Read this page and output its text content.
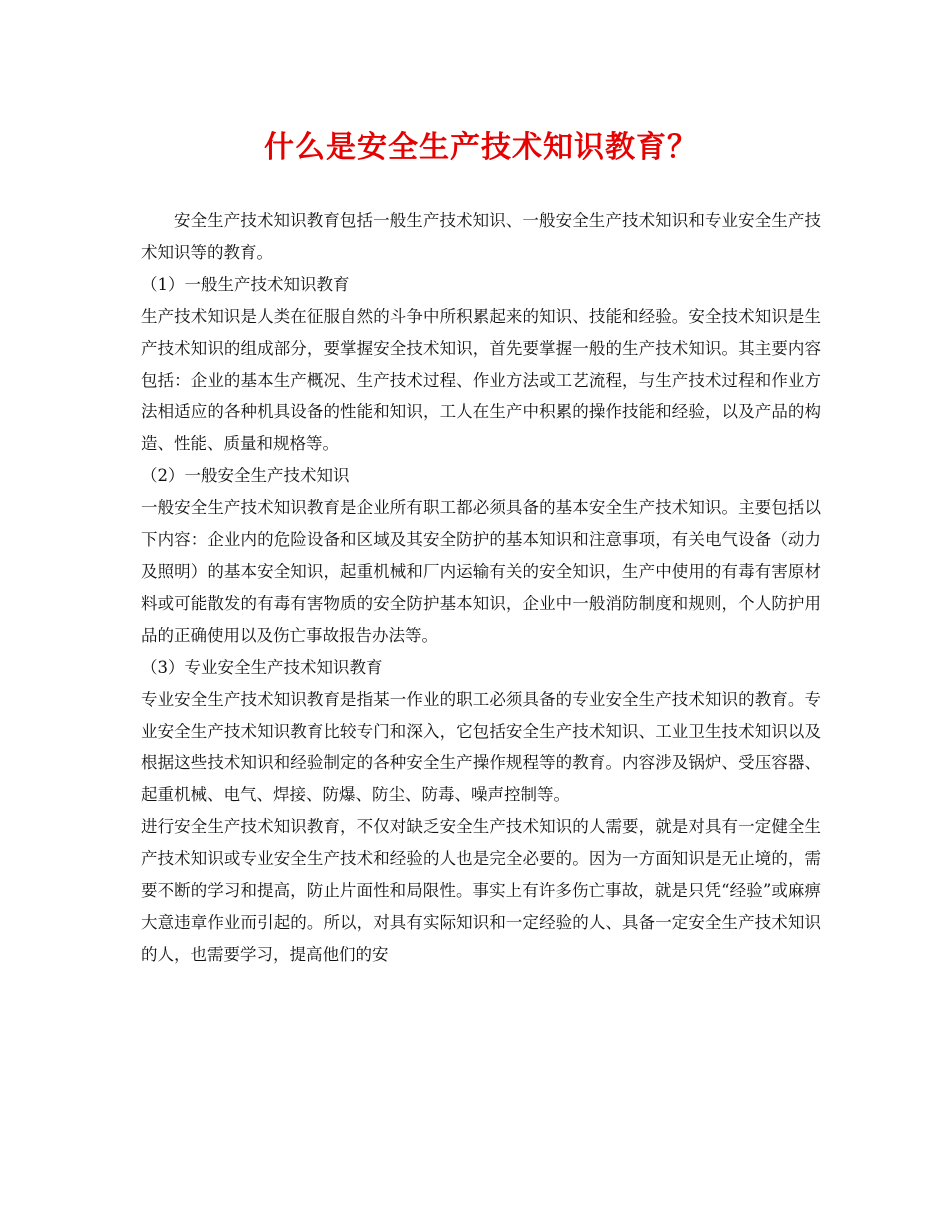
什么是安全生产技术知识教育？

安全生产技术知识教育包括一般生产技术知识、一般安全生产技术知识和专业安全生产技术知识等的教育。

（1）一般生产技术知识教育

生产技术知识是人类在征服自然的斗争中所积累起来的知识、技能和经验。安全技术知识是生产技术知识的组成部分，要掌握安全技术知识，首先要掌握一般的生产技术知识。其主要内容包括：企业的基本生产概况、生产技术过程、作业方法或工艺流程，与生产技术过程和作业方法相适应的各种机具设备的性能和知识，工人在生产中积累的操作技能和经验，以及产品的构造、性能、质量和规格等。

（2）一般安全生产技术知识

一般安全生产技术知识教育是企业所有职工都必须具备的基本安全生产技术知识。主要包括以下内容：企业内的危险设备和区域及其安全防护的基本知识和注意事项，有关电气设备（动力及照明）的基本安全知识，起重机械和厂内运输有关的安全知识，生产中使用的有毒有害原材料或可能散发的有毒有害物质的安全防护基本知识，企业中一般消防制度和规则，个人防护用品的正确使用以及伤亡事故报告办法等。

（3）专业安全生产技术知识教育

专业安全生产技术知识教育是指某一作业的职工必须具备的专业安全生产技术知识的教育。专业安全生产技术知识教育比较专门和深入，它包括安全生产技术知识、工业卫生技术知识以及根据这些技术知识和经验制定的各种安全生产操作规程等的教育。内容涉及锅炉、受压容器、起重机械、电气、焊接、防爆、防尘、防毒、噪声控制等。

进行安全生产技术知识教育，不仅对缺乏安全生产技术知识的人需要，就是对具有一定健全生产技术知识或专业安全生产技术和经验的人也是完全必要的。因为一方面知识是无止境的，需要不断的学习和提高，防止片面性和局限性。事实上有许多伤亡事故，就是只凭“经验”或麻痹大意违章作业而引起的。所以，对具有实际知识和一定经验的人、具备一定安全生产技术知识的人，也需要学习，提高他们的安
